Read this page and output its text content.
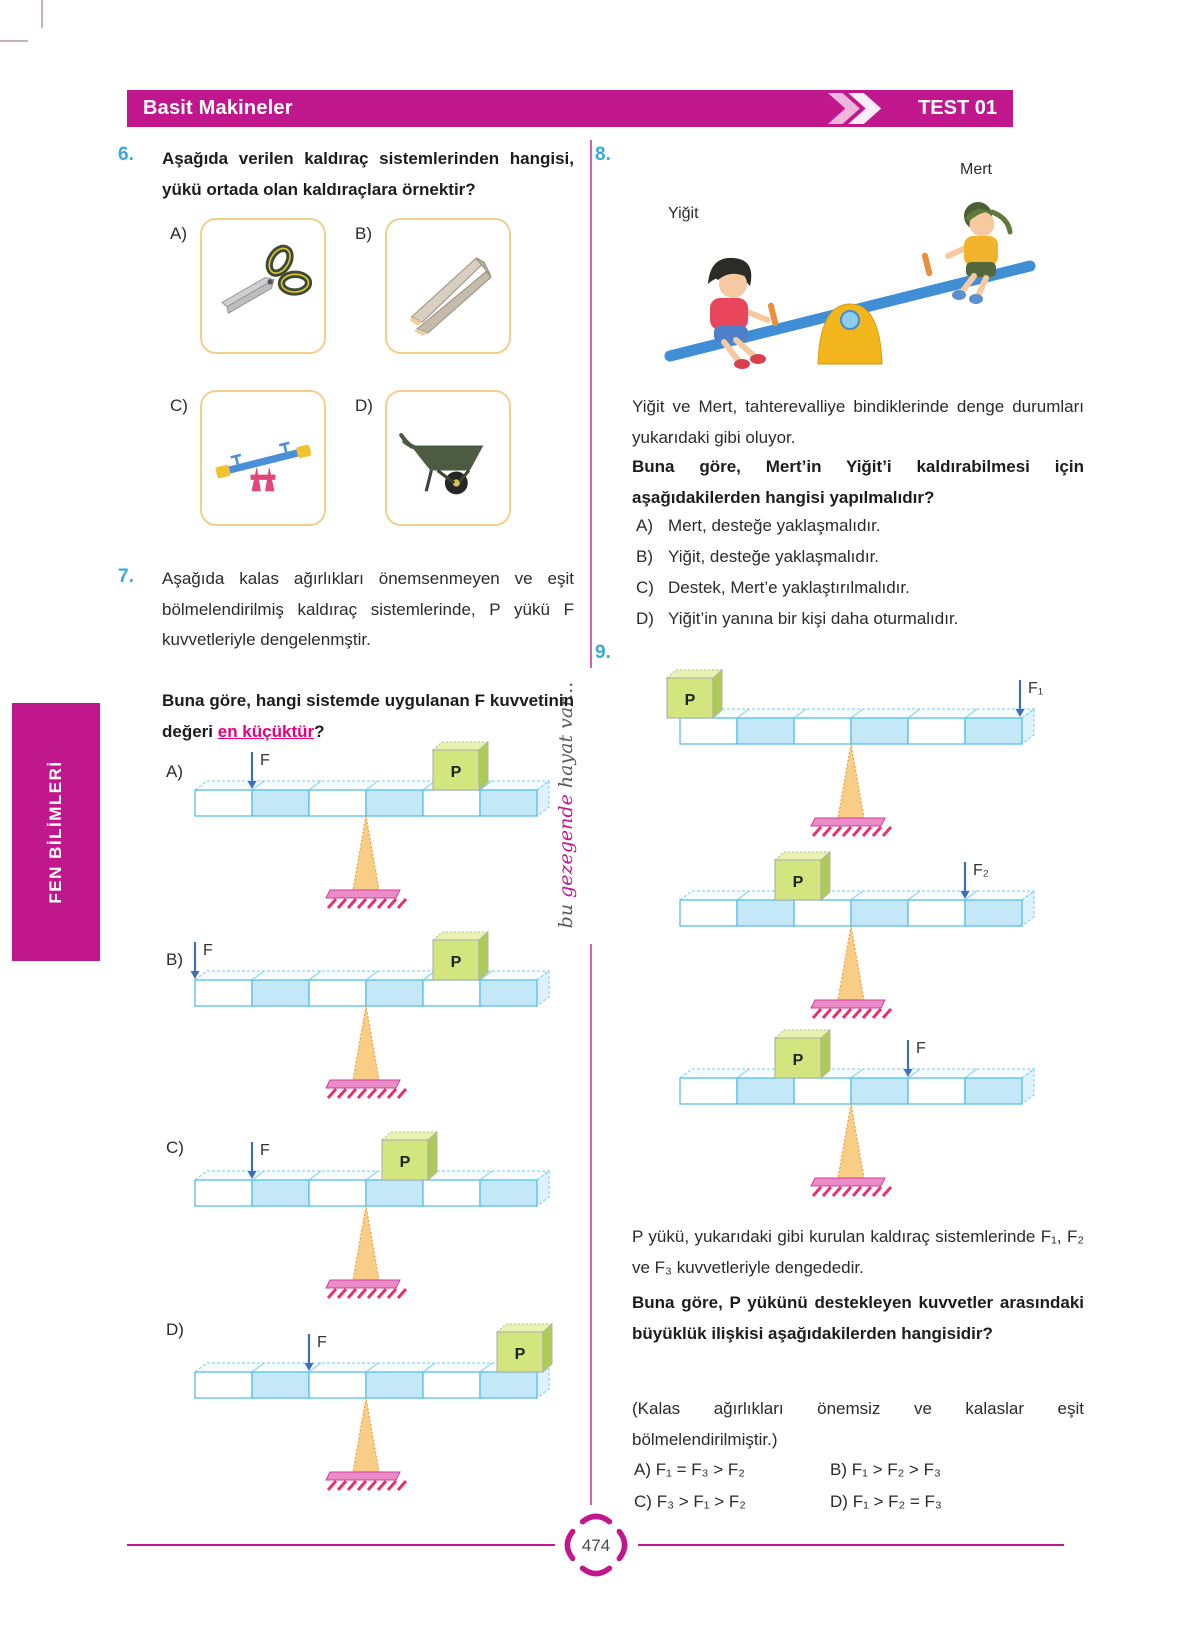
Basit Makineler	TEST 01
FEN BİLİMLERİ
bu gezegende hayat var...
6. Aşağıda verilen kaldıraç sistemlerinden hangisi, yükü ortada olan kaldıraçlara örnektir?
A)	B)
C)	D)
7. Aşağıda kalas ağırlıkları önemsenmeyen ve eşit bölmelendirilmiş kaldıraç sistemlerinde, P yükü F kuvvetleriyle dengelenmştir.
Buna göre, hangi sistemde uygulanan F kuvvetinin değeri en küçüktür?
A)	P
F
B)	P
F
C)
P
F
D)
P
F
8.
Yiğit
Mert
Yiğit ve Mert, tahterevalliye bindiklerinde denge durumları yukarıdaki gibi oluyor.
Buna göre, Mert’in Yiğit’i kaldırabilmesi için aşağıdakilerden hangisi yapılmalıdır?
A) Mert, desteğe yaklaşmalıdır.
B) Yiğit, desteğe yaklaşmalıdır.
C) Destek, Mert’e yaklaştırılmalıdır.
D) Yiğit’in yanına bir kişi daha oturmalıdır.
9.
P
F₁
P
F₂
P
F
P yükü, yukarıdaki gibi kurulan kaldıraç sistemlerinde F₁, F₂ ve F₃ kuvvetleriyle dengededir.
Buna göre, P yükünü destekleyen kuvvetler arasındaki büyüklük ilişkisi aşağıdakilerden hangisidir?
(Kalas ağırlıkları önemsiz ve kalaslar eşit bölmelendirilmiştir.)
A) F₁ = F₃ > F₂	B) F₁ > F₂ > F₃
C) F₃ > F₁ > F₂	D) F₁ > F₂ = F₃
474
